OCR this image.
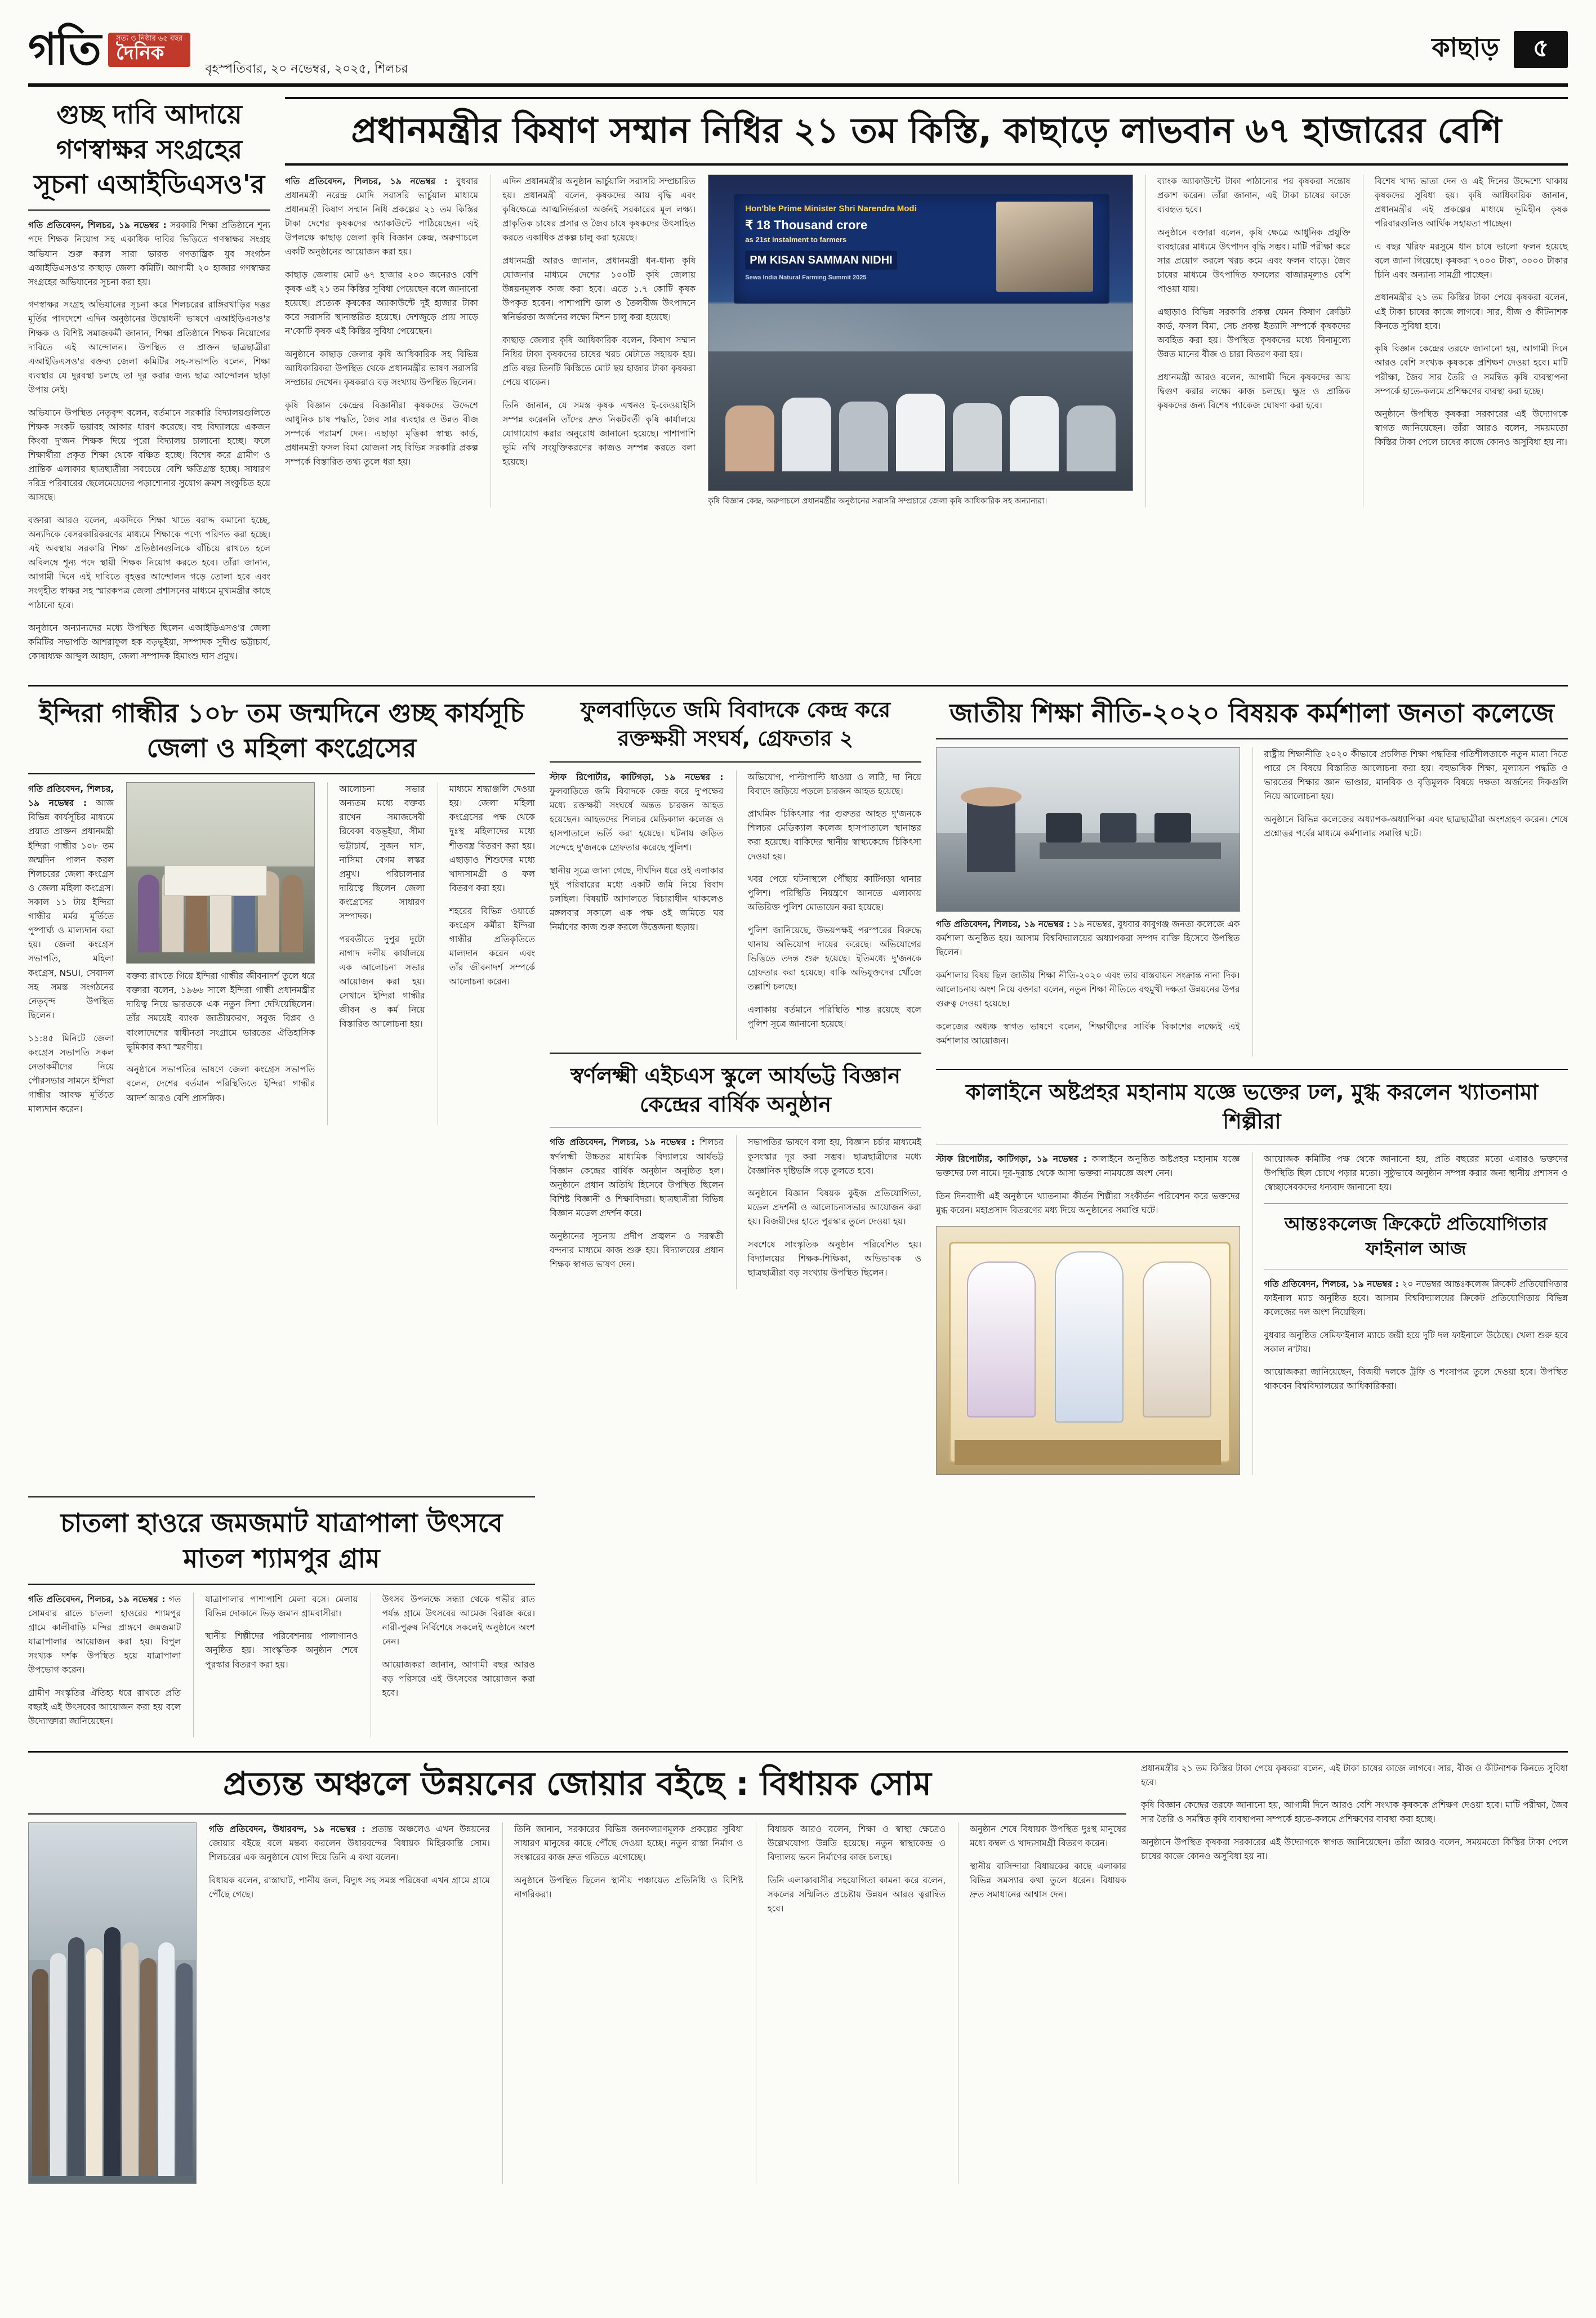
গতি সত্য ও নিষ্ঠার ৬৫ বছর
দৈনিক
বৃহস্পতিবার, ২০ নভেম্বর, ২০২৫, শিলচর
কাছাড়	৫
গুচ্ছ দাবি আদায়ে গণস্বাক্ষর সংগ্রহের সূচনা এআইডিএসও'র
গতি প্রতিবেদন, শিলচর, ১৯ নভেম্বর : সরকারি শিক্ষা প্রতিষ্ঠানে শূন্য পদে শিক্ষক নিয়োগ সহ একাধিক দাবির ভিত্তিতে গণস্বাক্ষর সংগ্রহ অভিযান শুরু করল সারা ভারত গণতান্ত্রিক যুব সংগঠন এআইডিএসও'র কাছাড় জেলা কমিটি। আগামী ২০ হাজার গণস্বাক্ষর সংগ্রহের অভিযানের সূচনা করা হয়।

গণস্বাক্ষর সংগ্রহ অভিযানের সূচনা করে শিলচরের রাঙ্গিরখাড়ির দত্তর মূর্তির পাদদেশে এদিন অনুষ্ঠানের উদ্বোধনী ভাষণে এআইডিএসও'র শিক্ষক ও বিশিষ্ট সমাজকর্মী জানান, শিক্ষা প্রতিষ্ঠানে শিক্ষক নিয়োগের দাবিতে এই আন্দোলন। উপস্থিত ও প্রাক্তন ছাত্রছাত্রীরা এআইডিএসও'র বক্তব্য জেলা কমিটির সহ-সভাপতি বলেন, শিক্ষা ব্যবস্থার যে দুরবস্থা চলছে তা দূর করার জন্য ছাত্র আন্দোলন ছাড়া উপায় নেই।

অভিযানে উপস্থিত নেতৃবৃন্দ বলেন, বর্তমানে সরকারি বিদ্যালয়গুলিতে শিক্ষক সংকট ভয়াবহ আকার ধারণ করেছে। বহু বিদ্যালয়ে একজন কিংবা দু'জন শিক্ষক দিয়ে পুরো বিদ্যালয় চালানো হচ্ছে। ফলে শিক্ষার্থীরা প্রকৃত শিক্ষা থেকে বঞ্চিত হচ্ছে। বিশেষ করে গ্রামীণ ও প্রান্তিক এলাকার ছাত্রছাত্রীরা সবচেয়ে বেশি ক্ষতিগ্রস্ত হচ্ছে। সাধারণ দরিদ্র পরিবারের ছেলেমেয়েদের পড়াশোনার সুযোগ ক্রমশ সংকুচিত হয়ে আসছে।

বক্তারা আরও বলেন, একদিকে শিক্ষা খাতে বরাদ্দ কমানো হচ্ছে, অন্যদিকে বেসরকারিকরণের মাধ্যমে শিক্ষাকে পণ্যে পরিণত করা হচ্ছে। এই অবস্থায় সরকারি শিক্ষা প্রতিষ্ঠানগুলিকে বাঁচিয়ে রাখতে হলে অবিলম্বে শূন্য পদে স্থায়ী শিক্ষক নিয়োগ করতে হবে। তাঁরা জানান, আগামী দিনে এই দাবিতে বৃহত্তর আন্দোলন গড়ে তোলা হবে এবং সংগৃহীত স্বাক্ষর সহ স্মারকপত্র জেলা প্রশাসনের মাধ্যমে মুখ্যমন্ত্রীর কাছে পাঠানো হবে।

অনুষ্ঠানে অন্যান্যদের মধ্যে উপস্থিত ছিলেন এআইডিএসও'র জেলা কমিটির সভাপতি আশরাফুল হক বড়ভূইয়া, সম্পাদক সুদীপ্ত ভট্টাচার্য, কোষাধ্যক্ষ আব্দুল আহাদ, জেলা সম্পাদক হিমাংশু দাস প্রমুখ।

প্রধানমন্ত্রীর কিষাণ সম্মান নিধির ২১ তম কিস্তি, কাছাড়ে লাভবান ৬৭ হাজারের বেশি
গতি প্রতিবেদন, শিলচর, ১৯ নভেম্বর : বুধবার প্রধানমন্ত্রী নরেন্দ্র মোদি সরাসরি ভার্চুয়াল মাধ্যমে প্রধানমন্ত্রী কিষাণ সম্মান নিধি প্রকল্পের ২১ তম কিস্তির টাকা দেশের কৃষকদের অ্যাকাউন্টে পাঠিয়েছেন। এই উপলক্ষে কাছাড় জেলা কৃষি বিজ্ঞান কেন্দ্র, অরুণাচলে একটি অনুষ্ঠানের আয়োজন করা হয়।

কাছাড় জেলায় মোট ৬৭ হাজার ২০০ জনেরও বেশি কৃষক এই ২১ তম কিস্তির সুবিধা পেয়েছেন বলে জানানো হয়েছে। প্রত্যেক কৃষকের অ্যাকাউন্টে দুই হাজার টাকা করে সরাসরি স্থানান্তরিত হয়েছে। দেশজুড়ে প্রায় সাড়ে ন'কোটি কৃষক এই কিস্তির সুবিধা পেয়েছেন।

অনুষ্ঠানে কাছাড় জেলার কৃষি আধিকারিক সহ বিভিন্ন আধিকারিকরা উপস্থিত থেকে প্রধানমন্ত্রীর ভাষণ সরাসরি সম্প্রচার দেখেন। কৃষকরাও বড় সংখ্যায় উপস্থিত ছিলেন।

কৃষি বিজ্ঞান কেন্দ্রের বিজ্ঞানীরা কৃষকদের উদ্দেশে আধুনিক চাষ পদ্ধতি, জৈব সার ব্যবহার ও উন্নত বীজ সম্পর্কে পরামর্শ দেন। এছাড়া মৃত্তিকা স্বাস্থ্য কার্ড, প্রধানমন্ত্রী ফসল বিমা যোজনা সহ বিভিন্ন সরকারি প্রকল্প সম্পর্কে বিস্তারিত তথ্য তুলে ধরা হয়।

এদিন প্রধানমন্ত্রীর অনুষ্ঠান ভার্চুয়ালি সরাসরি সম্প্রচারিত হয়। প্রধানমন্ত্রী বলেন, কৃষকদের আয় বৃদ্ধি এবং কৃষিক্ষেত্রে আত্মনির্ভরতা অর্জনই সরকারের মূল লক্ষ্য। প্রাকৃতিক চাষের প্রসার ও জৈব চাষে কৃষকদের উৎসাহিত করতে একাধিক প্রকল্প চালু করা হয়েছে।

প্রধানমন্ত্রী আরও জানান, প্রধানমন্ত্রী ধন-ধান্য কৃষি যোজনার মাধ্যমে দেশের ১০০টি কৃষি জেলায় উন্নয়নমূলক কাজ করা হবে। এতে ১.৭ কোটি কৃষক উপকৃত হবেন। পাশাপাশি ডাল ও তৈলবীজ উৎপাদনে স্বনির্ভরতা অর্জনের লক্ষ্যে মিশন চালু করা হয়েছে।

কাছাড় জেলার কৃষি আধিকারিক বলেন, কিষাণ সম্মান নিধির টাকা কৃষকদের চাষের খরচ মেটাতে সহায়ক হয়। প্রতি বছর তিনটি কিস্তিতে মোট ছয় হাজার টাকা কৃষকরা পেয়ে থাকেন।

তিনি জানান, যে সমস্ত কৃষক এখনও ই-কেওয়াইসি সম্পন্ন করেননি তাঁদের দ্রুত নিকটবর্তী কৃষি কার্যালয়ে যোগাযোগ করার অনুরোধ জানানো হয়েছে। পাশাপাশি ভূমি নথি সংযুক্তিকরণের কাজও সম্পন্ন করতে বলা হয়েছে।

Hon'ble Prime Minister Shri Narendra Modi
₹ 18 Thousand crore
as 21st instalment to farmers
PM KISAN SAMMAN NIDHI
Sewa India Natural Farming Summit 2025
কৃষি বিজ্ঞান কেন্দ্র, অরুণাচলে প্রধানমন্ত্রীর অনুষ্ঠানের সরাসরি সম্প্রচারে জেলা কৃষি আধিকারিক সহ অন্যান্যরা।

ব্যাংক অ্যাকাউন্টে টাকা পাঠানোর পর কৃষকরা সন্তোষ প্রকাশ করেন। তাঁরা জানান, এই টাকা চাষের কাজে ব্যবহৃত হবে।

অনুষ্ঠানে বক্তারা বলেন, কৃষি ক্ষেত্রে আধুনিক প্রযুক্তি ব্যবহারের মাধ্যমে উৎপাদন বৃদ্ধি সম্ভব। মাটি পরীক্ষা করে সার প্রয়োগ করলে খরচ কমে এবং ফলন বাড়ে। জৈব চাষের মাধ্যমে উৎপাদিত ফসলের বাজারমূল্যও বেশি পাওয়া যায়।

এছাড়াও বিভিন্ন সরকারি প্রকল্প যেমন কিষাণ ক্রেডিট কার্ড, ফসল বিমা, সেচ প্রকল্প ইত্যাদি সম্পর্কে কৃষকদের অবহিত করা হয়। উপস্থিত কৃষকদের মধ্যে বিনামূল্যে উন্নত মানের বীজ ও চারা বিতরণ করা হয়।

প্রধানমন্ত্রী আরও বলেন, আগামী দিনে কৃষকদের আয় দ্বিগুণ করার লক্ষ্যে কাজ চলছে। ক্ষুদ্র ও প্রান্তিক কৃষকদের জন্য বিশেষ প্যাকেজ ঘোষণা করা হবে।

বিশেষ খাদ্য ভাতা দেন ও এই দিনের উদ্দেশ্যে থাকায় কৃষকদের সুবিধা হয়। কৃষি আধিকারিক জানান, প্রধানমন্ত্রীর এই প্রকল্পের মাধ্যমে ভূমিহীন কৃষক পরিবারগুলিও আর্থিক সহায়তা পাচ্ছেন।

এ বছর খরিফ মরসুমে ধান চাষে ভালো ফলন হয়েছে বলে জানা গিয়েছে। কৃষকরা ৭০০০ টাকা, ৩০০০ টাকার চিনি এবং অন্যান্য সামগ্রী পাচ্ছেন।

প্রধানমন্ত্রীর ২১ তম কিস্তির টাকা পেয়ে কৃষকরা বলেন, এই টাকা চাষের কাজে লাগবে। সার, বীজ ও কীটনাশক কিনতে সুবিধা হবে।

কৃষি বিজ্ঞান কেন্দ্রের তরফে জানানো হয়, আগামী দিনে আরও বেশি সংখ্যক কৃষককে প্রশিক্ষণ দেওয়া হবে। মাটি পরীক্ষা, জৈব সার তৈরি ও সমন্বিত কৃষি ব্যবস্থাপনা সম্পর্কে হাতে-কলমে প্রশিক্ষণের ব্যবস্থা করা হচ্ছে।

অনুষ্ঠানে উপস্থিত কৃষকরা সরকারের এই উদ্যোগকে স্বাগত জানিয়েছেন। তাঁরা আরও বলেন, সময়মতো কিস্তির টাকা পেলে চাষের কাজে কোনও অসুবিধা হয় না।

ইন্দিরা গান্ধীর ১০৮ তম জন্মদিনে গুচ্ছ কার্যসূচি জেলা ও মহিলা কংগ্রেসের
গতি প্রতিবেদন, শিলচর, ১৯ নভেম্বর : আজ বিভিন্ন কার্যসূচির মাধ্যমে প্রয়াত প্রাক্তন প্রধানমন্ত্রী ইন্দিরা গান্ধীর ১০৮ তম জন্মদিন পালন করল শিলচরের জেলা কংগ্রেস ও জেলা মহিলা কংগ্রেস। সকাল ১১ টায় ইন্দিরা গান্ধীর মর্মর মূর্তিতে পুষ্পার্ঘ্য ও মাল্যদান করা হয়। জেলা কংগ্রেস সভাপতি, মহিলা কংগ্রেস, NSUI, সেবাদল সহ সমস্ত সংগঠনের নেতৃবৃন্দ উপস্থিত ছিলেন।

১১:৪৫ মিনিটে জেলা কংগ্রেস সভাপতি সকল নেতাকর্মীদের নিয়ে পৌরসভার সামনে ইন্দিরা গান্ধীর আবক্ষ মূর্তিতে মাল্যদান করেন।

বক্তব্য রাখতে গিয়ে ইন্দিরা গান্ধীর জীবনাদর্শ তুলে ধরে বক্তারা বলেন, ১৯৬৬ সালে ইন্দিরা গান্ধী প্রধানমন্ত্রীর দায়িত্ব নিয়ে ভারতকে এক নতুন দিশা দেখিয়েছিলেন। তাঁর সময়েই ব্যাংক জাতীয়করণ, সবুজ বিপ্লব ও বাংলাদেশের স্বাধীনতা সংগ্রামে ভারতের ঐতিহাসিক ভূমিকার কথা স্মরণীয়।

অনুষ্ঠানে সভাপতির ভাষণে জেলা কংগ্রেস সভাপতি বলেন, দেশের বর্তমান পরিস্থিতিতে ইন্দিরা গান্ধীর আদর্শ আরও বেশি প্রাসঙ্গিক।

আলোচনা সভার অন্যতম মধ্যে বক্তব্য রাখেন সমাজসেবী রিবেকা বড়ভূইয়া, সীমা ভট্টাচার্য, সুজন দাস, নাসিমা বেগম লস্কর প্রমুখ। পরিচালনার দায়িত্বে ছিলেন জেলা কংগ্রেসের সাধারণ সম্পাদক।

পরবর্তীতে দুপুর দুটো নাগাদ দলীয় কার্যালয়ে এক আলোচনা সভার আয়োজন করা হয়। সেখানে ইন্দিরা গান্ধীর জীবন ও কর্ম নিয়ে বিস্তারিত আলোচনা হয়।

মাধ্যমে শ্রদ্ধাঞ্জলি দেওয়া হয়। জেলা মহিলা কংগ্রেসের পক্ষ থেকে দুঃস্থ মহিলাদের মধ্যে শীতবস্ত্র বিতরণ করা হয়। এছাড়াও শিশুদের মধ্যে খাদ্যসামগ্রী ও ফল বিতরণ করা হয়।

শহরের বিভিন্ন ওয়ার্ডে কংগ্রেস কর্মীরা ইন্দিরা গান্ধীর প্রতিকৃতিতে মাল্যদান করেন এবং তাঁর জীবনাদর্শ সম্পর্কে আলোচনা করেন।

ফুলবাড়িতে জমি বিবাদকে কেন্দ্র করে রক্তক্ষয়ী সংঘর্ষ, গ্রেফতার ২
স্টাফ রিপোর্টার, কাটিগড়া, ১৯ নভেম্বর : ফুলবাড়িতে জমি বিবাদকে কেন্দ্র করে দু'পক্ষের মধ্যে রক্তক্ষয়ী সংঘর্ষে অন্তত চারজন আহত হয়েছেন। আহতদের শিলচর মেডিক্যাল কলেজ ও হাসপাতালে ভর্তি করা হয়েছে। ঘটনায় জড়িত সন্দেহে দু'জনকে গ্রেফতার করেছে পুলিশ।

স্থানীয় সূত্রে জানা গেছে, দীর্ঘদিন ধরে ওই এলাকার দুই পরিবারের মধ্যে একটি জমি নিয়ে বিবাদ চলছিল। বিষয়টি আদালতে বিচারাধীন থাকলেও মঙ্গলবার সকালে এক পক্ষ ওই জমিতে ঘর নির্মাণের কাজ শুরু করলে উত্তেজনা ছড়ায়।

অভিযোগ, পাল্টাপাল্টি ধাওয়া ও লাঠি, দা নিয়ে বিবাদে জড়িয়ে পড়লে চারজন আহত হয়েছে।

প্রাথমিক চিকিৎসার পর গুরুতর আহত দু'জনকে শিলচর মেডিক্যাল কলেজ হাসপাতালে স্থানান্তর করা হয়েছে। বাকিদের স্থানীয় স্বাস্থ্যকেন্দ্রে চিকিৎসা দেওয়া হয়।

খবর পেয়ে ঘটনাস্থলে পৌঁছায় কাটিগড়া থানার পুলিশ। পরিস্থিতি নিয়ন্ত্রণে আনতে এলাকায় অতিরিক্ত পুলিশ মোতায়েন করা হয়েছে।

পুলিশ জানিয়েছে, উভয়পক্ষই পরস্পরের বিরুদ্ধে থানায় অভিযোগ দায়ের করেছে। অভিযোগের ভিত্তিতে তদন্ত শুরু হয়েছে। ইতিমধ্যে দু'জনকে গ্রেফতার করা হয়েছে। বাকি অভিযুক্তদের খোঁজে তল্লাশি চলছে।

এলাকায় বর্তমানে পরিস্থিতি শান্ত রয়েছে বলে পুলিশ সূত্রে জানানো হয়েছে।

স্বর্ণলক্ষ্মী এইচএস স্কুলে আর্যভট্ট বিজ্ঞান কেন্দ্রের বার্ষিক অনুষ্ঠান
গতি প্রতিবেদন, শিলচর, ১৯ নভেম্বর : শিলচর স্বর্ণলক্ষ্মী উচ্চতর মাধ্যমিক বিদ্যালয়ে আর্যভট্ট বিজ্ঞান কেন্দ্রের বার্ষিক অনুষ্ঠান অনুষ্ঠিত হল। অনুষ্ঠানে প্রধান অতিথি হিসেবে উপস্থিত ছিলেন বিশিষ্ট বিজ্ঞানী ও শিক্ষাবিদরা। ছাত্রছাত্রীরা বিভিন্ন বিজ্ঞান মডেল প্রদর্শন করে।

অনুষ্ঠানের সূচনায় প্রদীপ প্রজ্বলন ও সরস্বতী বন্দনার মাধ্যমে কাজ শুরু হয়। বিদ্যালয়ের প্রধান শিক্ষক স্বাগত ভাষণ দেন।

সভাপতির ভাষণে বলা হয়, বিজ্ঞান চর্চার মাধ্যমেই কুসংস্কার দূর করা সম্ভব। ছাত্রছাত্রীদের মধ্যে বৈজ্ঞানিক দৃষ্টিভঙ্গি গড়ে তুলতে হবে।

অনুষ্ঠানে বিজ্ঞান বিষয়ক কুইজ প্রতিযোগিতা, মডেল প্রদর্শনী ও আলোচনাসভার আয়োজন করা হয়। বিজয়ীদের হাতে পুরস্কার তুলে দেওয়া হয়।

সবশেষে সাংস্কৃতিক অনুষ্ঠান পরিবেশিত হয়। বিদ্যালয়ের শিক্ষক-শিক্ষিকা, অভিভাবক ও ছাত্রছাত্রীরা বড় সংখ্যায় উপস্থিত ছিলেন।

জাতীয় শিক্ষা নীতি-২০২০ বিষয়ক কর্মশালা জনতা কলেজে
গতি প্রতিবেদন, শিলচর, ১৯ নভেম্বর : ১৯ নভেম্বর, বুধবার কাবুগঞ্জ জনতা কলেজে এক কর্মশালা অনুষ্ঠিত হয়। আসাম বিশ্ববিদ্যালয়ের অধ্যাপকরা সম্পদ ব্যক্তি হিসেবে উপস্থিত ছিলেন।

কর্মশালার বিষয় ছিল জাতীয় শিক্ষা নীতি-২০২০ এবং তার বাস্তবায়ন সংক্রান্ত নানা দিক। আলোচনায় অংশ নিয়ে বক্তারা বলেন, নতুন শিক্ষা নীতিতে বহুমুখী দক্ষতা উন্নয়নের উপর গুরুত্ব দেওয়া হয়েছে।

কলেজের অধ্যক্ষ স্বাগত ভাষণে বলেন, শিক্ষার্থীদের সার্বিক বিকাশের লক্ষ্যেই এই কর্মশালার আয়োজন।

রাষ্ট্রীয় শিক্ষানীতি ২০২০ কীভাবে প্রচলিত শিক্ষা পদ্ধতির গতিশীলতাকে নতুন মাত্রা দিতে পারে সে বিষয়ে বিস্তারিত আলোচনা করা হয়। বহুভাষিক শিক্ষা, মূল্যায়ন পদ্ধতি ও ভারতের শিক্ষার জ্ঞান ভাণ্ডার, মানবিক ও বৃত্তিমূলক বিষয়ে দক্ষতা অর্জনের দিকগুলি নিয়ে আলোচনা হয়।

অনুষ্ঠানে বিভিন্ন কলেজের অধ্যাপক-অধ্যাপিকা এবং ছাত্রছাত্রীরা অংশগ্রহণ করেন। শেষে প্রশ্নোত্তর পর্বের মাধ্যমে কর্মশালার সমাপ্তি ঘটে।

কালাইনে অষ্টপ্রহর মহানাম যজ্ঞে ভক্তের ঢল, মুগ্ধ করলেন খ্যাতনামা শিল্পীরা
স্টাফ রিপোর্টার, কাটিগড়া, ১৯ নভেম্বর : কালাইনে অনুষ্ঠিত অষ্টপ্রহর মহানাম যজ্ঞে ভক্তদের ঢল নামে। দূর-দূরান্ত থেকে আসা ভক্তরা নামযজ্ঞে অংশ নেন।

তিন দিনব্যাপী এই অনুষ্ঠানে খ্যাতনামা কীর্তন শিল্পীরা সংকীর্তন পরিবেশন করে ভক্তদের মুগ্ধ করেন। মহাপ্রসাদ বিতরণের মধ্য দিয়ে অনুষ্ঠানের সমাপ্তি ঘটে।

আয়োজক কমিটির পক্ষ থেকে জানানো হয়, প্রতি বছরের মতো এবারও ভক্তদের উপস্থিতি ছিল চোখে পড়ার মতো। সুষ্ঠুভাবে অনুষ্ঠান সম্পন্ন করার জন্য স্থানীয় প্রশাসন ও স্বেচ্ছাসেবকদের ধন্যবাদ জানানো হয়।
আন্তঃকলেজ ক্রিকেটে প্রতিযোগিতার ফাইনাল আজ
গতি প্রতিবেদন, শিলচর, ১৯ নভেম্বর : ২০ নভেম্বর আন্তঃকলেজ ক্রিকেট প্রতিযোগিতার ফাইনাল ম্যাচ অনুষ্ঠিত হবে। আসাম বিশ্ববিদ্যালয়ের ক্রিকেট প্রতিযোগিতায় বিভিন্ন কলেজের দল অংশ নিয়েছিল।

বুধবার অনুষ্ঠিত সেমিফাইনাল ম্যাচে জয়ী হয়ে দুটি দল ফাইনালে উঠেছে। খেলা শুরু হবে সকাল ন'টায়।

আয়োজকরা জানিয়েছেন, বিজয়ী দলকে ট্রফি ও শংসাপত্র তুলে দেওয়া হবে। উপস্থিত থাকবেন বিশ্ববিদ্যালয়ের আধিকারিকরা।

চাতলা হাওরে জমজমাট যাত্রাপালা উৎসবে মাতল শ্যামপুর গ্রাম
গতি প্রতিবেদন, শিলচর, ১৯ নভেম্বর : গত সোমবার রাতে চাতলা হাওরের শ্যামপুর গ্রামে কালীবাড়ি মন্দির প্রাঙ্গণে জমজমাট যাত্রাপালার আয়োজন করা হয়। বিপুল সংখ্যক দর্শক উপস্থিত হয়ে যাত্রাপালা উপভোগ করেন।

গ্রামীণ সংস্কৃতির ঐতিহ্য ধরে রাখতে প্রতি বছরই এই উৎসবের আয়োজন করা হয় বলে উদ্যোক্তারা জানিয়েছেন।

যাত্রাপালার পাশাপাশি মেলা বসে। মেলায় বিভিন্ন দোকানে ভিড় জমান গ্রামবাসীরা।

স্থানীয় শিল্পীদের পরিবেশনায় পালাগানও অনুষ্ঠিত হয়। সাংস্কৃতিক অনুষ্ঠান শেষে পুরস্কার বিতরণ করা হয়।

উৎসব উপলক্ষে সন্ধ্যা থেকে গভীর রাত পর্যন্ত গ্রামে উৎসবের আমেজ বিরাজ করে। নারী-পুরুষ নির্বিশেষে সকলেই অনুষ্ঠানে অংশ নেন।

আয়োজকরা জানান, আগামী বছর আরও বড় পরিসরে এই উৎসবের আয়োজন করা হবে।

প্রত্যন্ত অঞ্চলে উন্নয়নের জোয়ার বইছে : বিধায়ক সোম
গতি প্রতিবেদন, উধারবন্দ, ১৯ নভেম্বর : প্রত্যন্ত অঞ্চলেও এখন উন্নয়নের জোয়ার বইছে বলে মন্তব্য করলেন উধারবন্দের বিধায়ক মিহিরকান্তি সোম। শিলচরের এক অনুষ্ঠানে যোগ দিয়ে তিনি এ কথা বলেন।

বিধায়ক বলেন, রাস্তাঘাট, পানীয় জল, বিদ্যুৎ সহ সমস্ত পরিষেবা এখন গ্রামে গ্রামে পৌঁছে গেছে।

তিনি জানান, সরকারের বিভিন্ন জনকল্যাণমূলক প্রকল্পের সুবিধা সাধারণ মানুষের কাছে পৌঁছে দেওয়া হচ্ছে। নতুন রাস্তা নির্মাণ ও সংস্কারের কাজ দ্রুত গতিতে এগোচ্ছে।

অনুষ্ঠানে উপস্থিত ছিলেন স্থানীয় পঞ্চায়েত প্রতিনিধি ও বিশিষ্ট নাগরিকরা।

বিধায়ক আরও বলেন, শিক্ষা ও স্বাস্থ্য ক্ষেত্রেও উল্লেখযোগ্য উন্নতি হয়েছে। নতুন স্বাস্থ্যকেন্দ্র ও বিদ্যালয় ভবন নির্মাণের কাজ চলছে।

তিনি এলাকাবাসীর সহযোগিতা কামনা করে বলেন, সকলের সম্মিলিত প্রচেষ্টায় উন্নয়ন আরও ত্বরান্বিত হবে।

অনুষ্ঠান শেষে বিধায়ক উপস্থিত দুঃস্থ মানুষের মধ্যে কম্বল ও খাদ্যসামগ্রী বিতরণ করেন।

স্থানীয় বাসিন্দারা বিধায়কের কাছে এলাকার বিভিন্ন সমস্যার কথা তুলে ধরেন। বিধায়ক দ্রুত সমাধানের আশ্বাস দেন।

প্রধানমন্ত্রীর ২১ তম কিস্তির টাকা পেয়ে কৃষকরা বলেন, এই টাকা চাষের কাজে লাগবে। সার, বীজ ও কীটনাশক কিনতে সুবিধা হবে।

কৃষি বিজ্ঞান কেন্দ্রের তরফে জানানো হয়, আগামী দিনে আরও বেশি সংখ্যক কৃষককে প্রশিক্ষণ দেওয়া হবে। মাটি পরীক্ষা, জৈব সার তৈরি ও সমন্বিত কৃষি ব্যবস্থাপনা সম্পর্কে হাতে-কলমে প্রশিক্ষণের ব্যবস্থা করা হচ্ছে।

অনুষ্ঠানে উপস্থিত কৃষকরা সরকারের এই উদ্যোগকে স্বাগত জানিয়েছেন। তাঁরা আরও বলেন, সময়মতো কিস্তির টাকা পেলে চাষের কাজে কোনও অসুবিধা হয় না।
